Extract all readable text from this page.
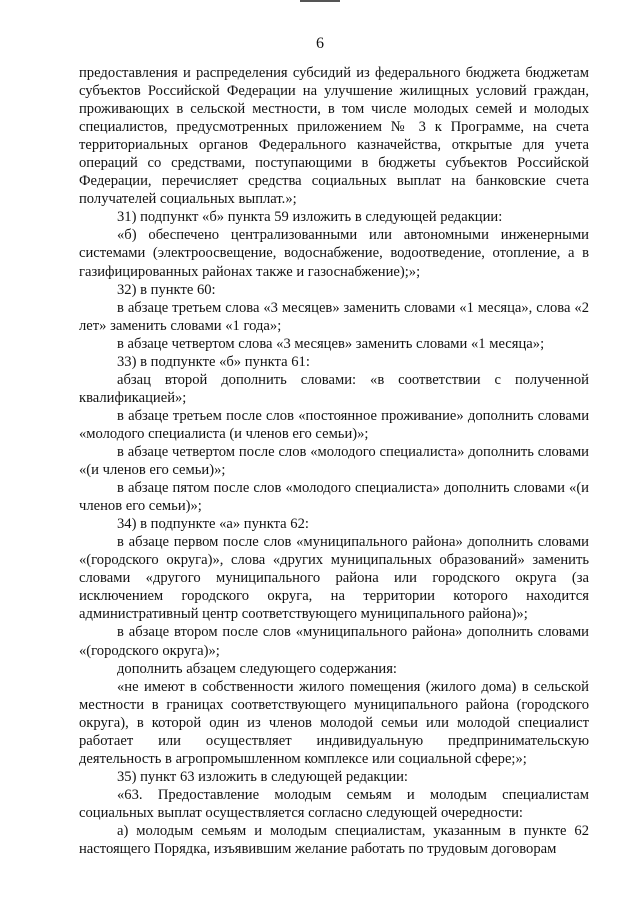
6

предоставления и распределения субсидий из федерального бюджета бюджетам субъектов Российской Федерации на улучшение жилищных условий граждан, проживающих в сельской местности, в том числе молодых семей и молодых специалистов, предусмотренных приложением № 3 к Программе, на счета территориальных органов Федерального казначейства, открытые для учета операций со средствами, поступающими в бюджеты субъектов Российской Федерации, перечисляет средства социальных выплат на банковские счета получателей социальных выплат.»;

31) подпункт «б» пункта 59 изложить в следующей редакции:

«б) обеспечено централизованными или автономными инженерными системами (электроосвещение, водоснабжение, водоотведение, отопление, а в газифицированных районах также и газоснабжение);»;

32) в пункте 60:

в абзаце третьем слова «3 месяцев» заменить словами «1 месяца», слова «2 лет» заменить словами «1 года»;

в абзаце четвертом слова «3 месяцев» заменить словами «1 месяца»;

33) в подпункте «б» пункта 61:

абзац второй дополнить словами: «в соответствии с полученной квалификацией»;

в абзаце третьем после слов «постоянное проживание» дополнить словами «молодого специалиста (и членов его семьи)»;

в абзаце четвертом после слов «молодого специалиста» дополнить словами «(и членов его семьи)»;

в абзаце пятом после слов «молодого специалиста» дополнить словами «(и членов его семьи)»;

34) в подпункте «а» пункта 62:

в абзаце первом после слов «муниципального района» дополнить словами «(городского округа)», слова «других муниципальных образований» заменить словами «другого муниципального района или городского округа (за исключением городского округа, на территории которого находится административный центр соответствующего муниципального района)»;

в абзаце втором после слов «муниципального района» дополнить словами «(городского округа)»;

дополнить абзацем следующего содержания:

«не имеют в собственности жилого помещения (жилого дома) в сельской местности в границах соответствующего муниципального района (городского округа), в которой один из членов молодой семьи или молодой специалист работает или осуществляет индивидуальную предпринимательскую деятельность в агропромышленном комплексе или социальной сфере;»;

35) пункт 63 изложить в следующей редакции:

«63. Предоставление молодым семьям и молодым специалистам социальных выплат осуществляется согласно следующей очередности:

а) молодым семьям и молодым специалистам, указанным в пункте 62 настоящего Порядка, изъявившим желание работать по трудовым договорам
